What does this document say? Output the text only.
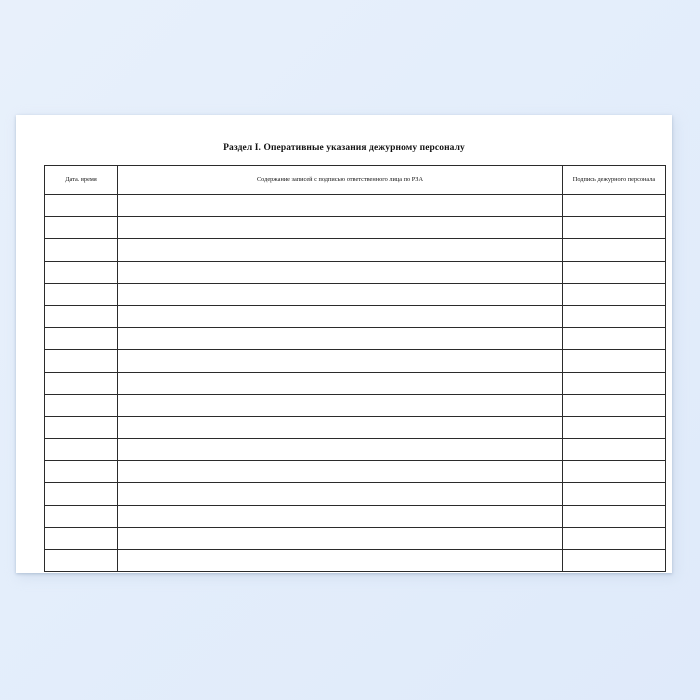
Раздел I. Оперативные указания дежурному персоналу
Дата. время	Содержание записей с подписью ответственного лица по РЗА	Подпись дежурного персонала
